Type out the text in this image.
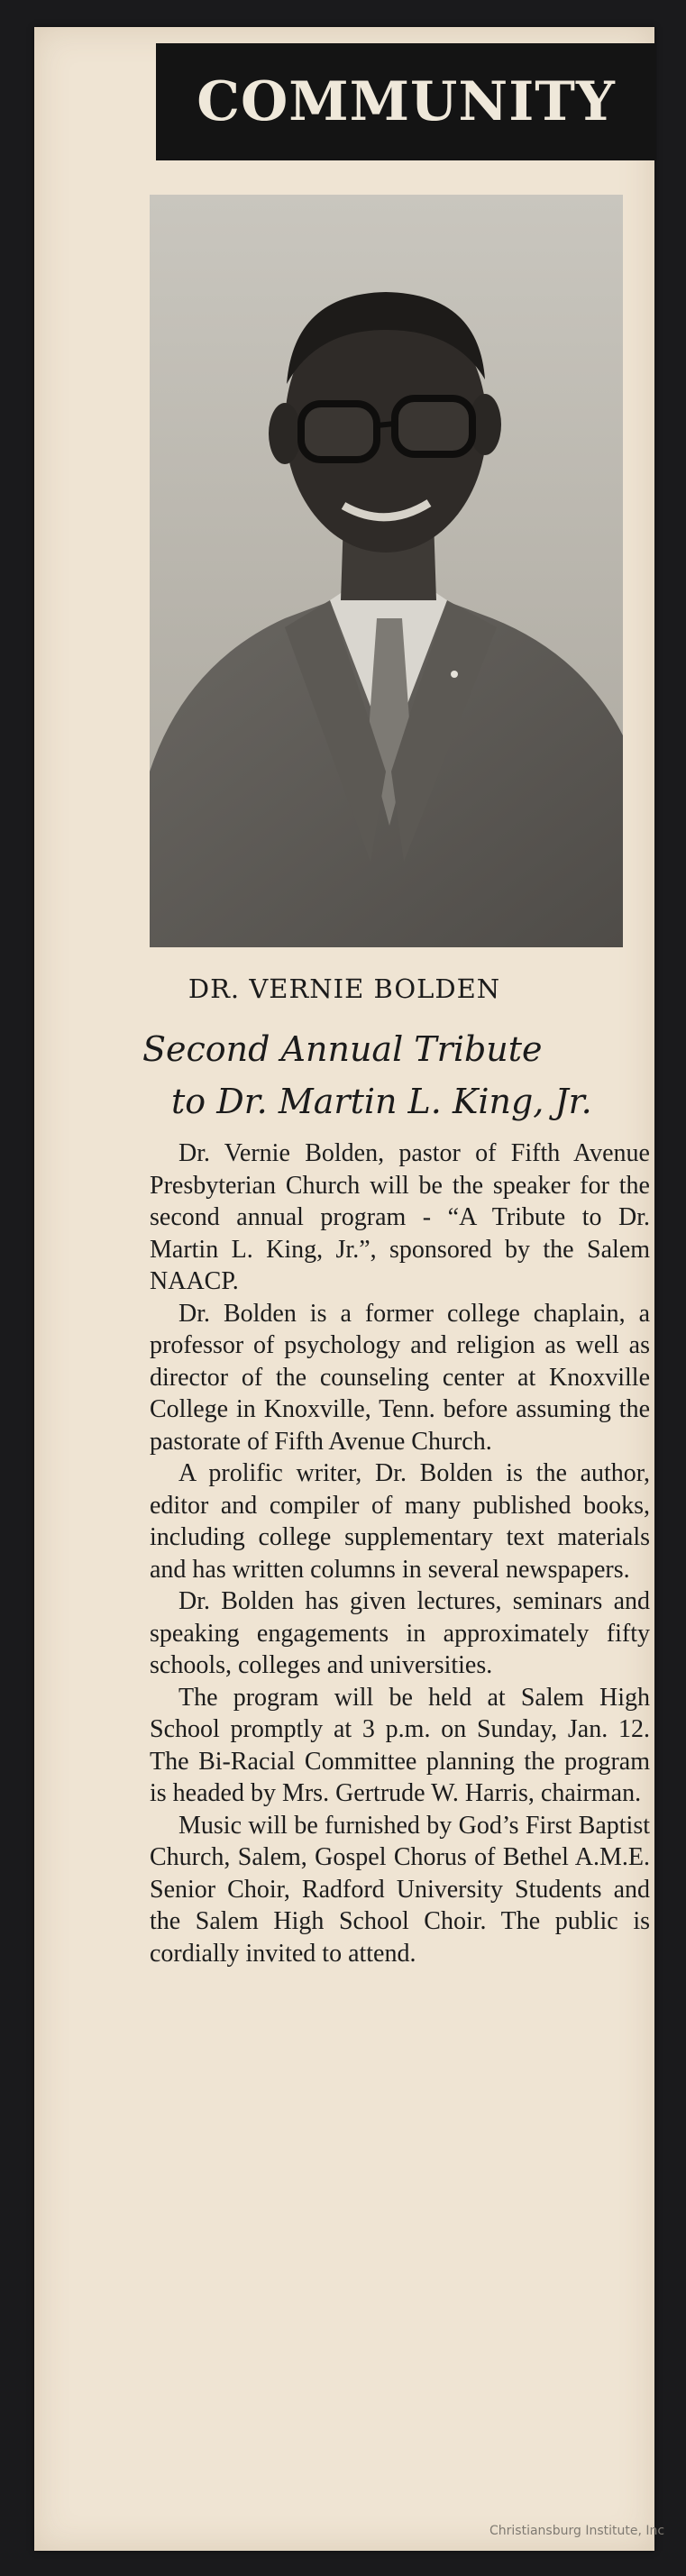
COMMUNITY
DR. VERNIE BOLDEN
Second Annual Tribute
to Dr. Martin L. King, Jr.

Dr. Vernie Bolden, pastor of Fifth Avenue Presbyterian Church will be the speaker for the second annual program - “A Tribute to Dr. Martin L. King, Jr.”, sponsored by the Salem NAACP.

Dr. Bolden is a former college chaplain, a professor of psychology and religion as well as director of the counseling center at Knoxville College in Knoxville, Tenn. before assuming the pastorate of Fifth Avenue Church.

A prolific writer, Dr. Bolden is the author, editor and compiler of many published books, including college supplementary text materials and has written columns in several newspapers.

Dr. Bolden has given lectures, seminars and speaking engagements in approximately fifty schools, colleges and universities.

The program will be held at Salem High School promptly at 3 p.m. on Sunday, Jan. 12. The Bi-Racial Committee planning the program is headed by Mrs. Gertrude W. Harris, chairman.

Music will be furnished by God’s First Baptist Church, Salem, Gospel Chorus of Bethel A.M.E. Senior Choir, Radford University Students and the Salem High School Choir. The public is cordially invited to attend.

Christiansburg Institute, Inc
